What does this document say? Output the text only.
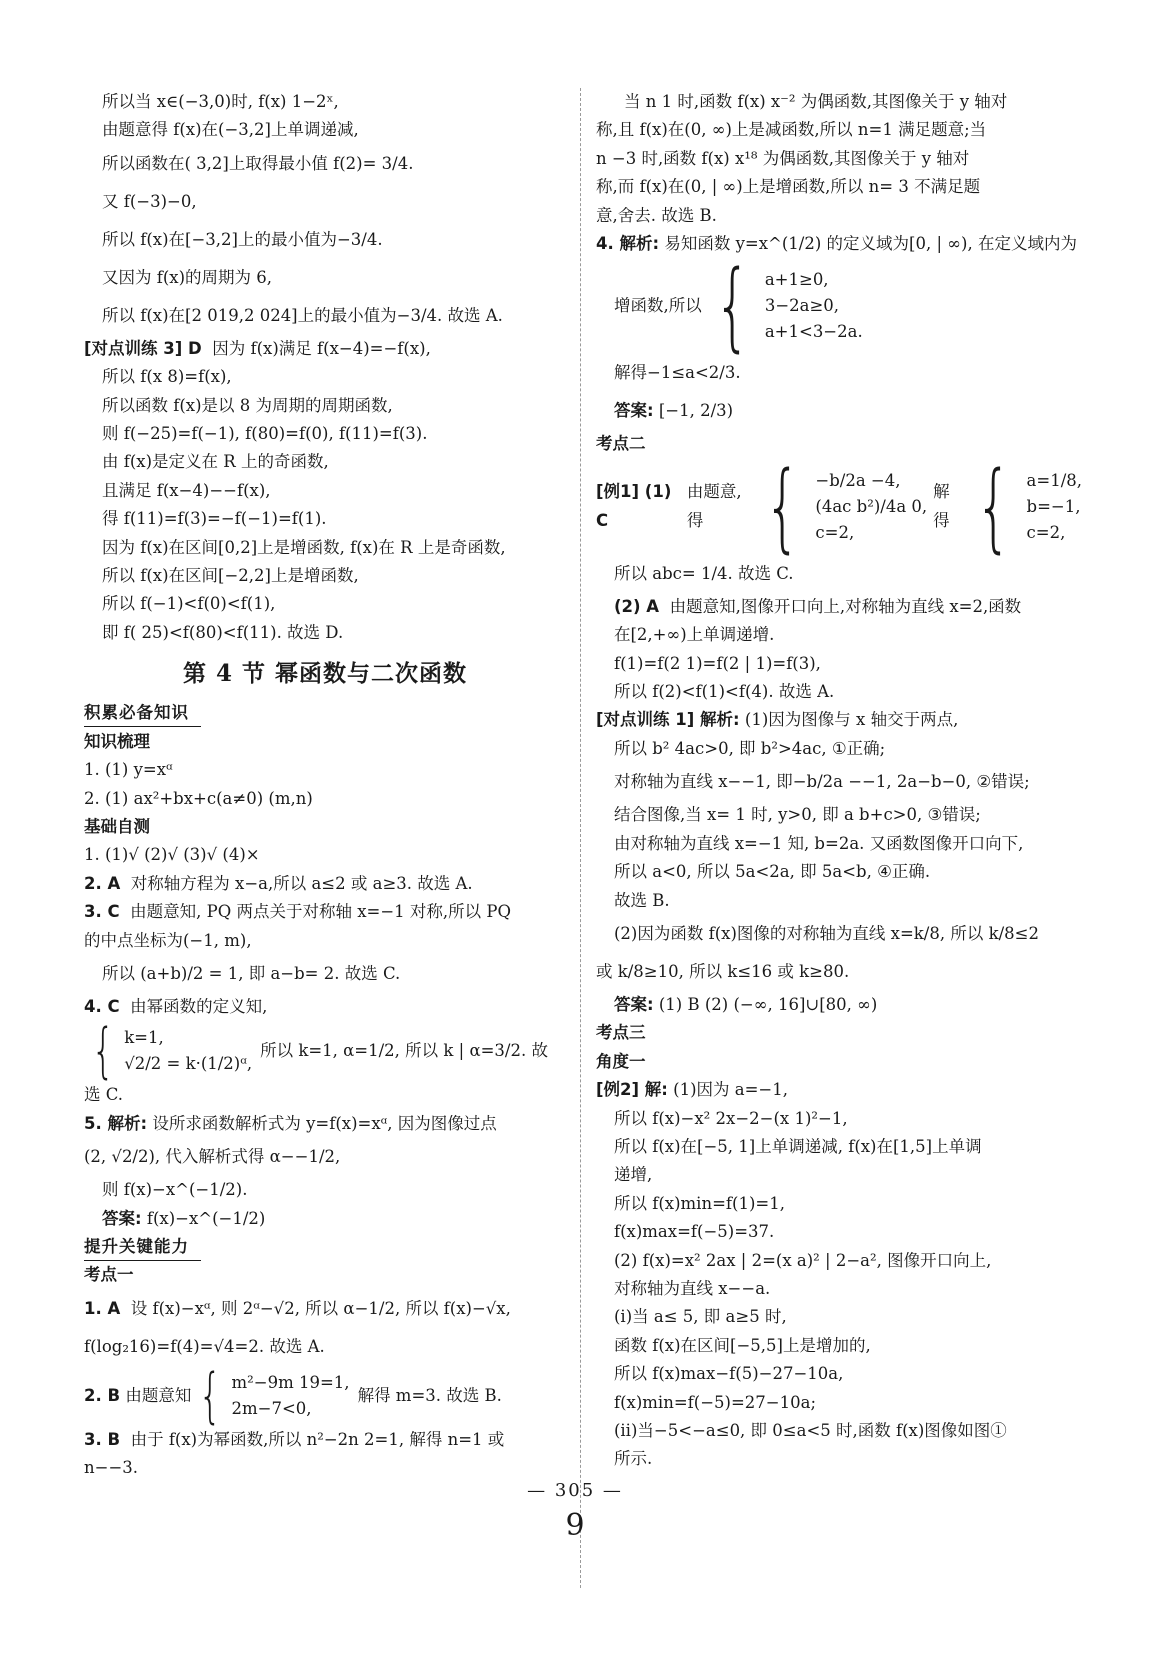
所以当 x∈(−3,0)时, f(x) 1−2ˣ,
由题意得 f(x)在(−3,2]上单调递减,
所以函数在( 3,2]上取得最小值 f(2)= 3/4.
又 f(−3)−0,
所以 f(x)在[−3,2]上的最小值为−3/4.
又因为 f(x)的周期为 6,
所以 f(x)在[2 019,2 024]上的最小值为−3/4. 故选 A.
[对点训练 3] D 因为 f(x)满足 f(x−4)=−f(x),
所以 f(x 8)=f(x),
所以函数 f(x)是以 8 为周期的周期函数,
则 f(−25)=f(−1), f(80)=f(0), f(11)=f(3).
由 f(x)是定义在 R 上的奇函数,
且满足 f(x−4)−−f(x),
得 f(11)=f(3)=−f(−1)=f(1).
因为 f(x)在区间[0,2]上是增函数, f(x)在 R 上是奇函数,
所以 f(x)在区间[−2,2]上是增函数,
所以 f(−1)<f(0)<f(1),
即 f( 25)<f(80)<f(11). 故选 D.
第 4 节 幂函数与二次函数
积累必备知识
知识梳理
1. (1) y=xᵅ
2. (1) ax²+bx+c(a≠0) (m,n)
基础自测
1. (1)√ (2)√ (3)√ (4)×
2. A 对称轴方程为 x−a,所以 a≤2 或 a≥3. 故选 A.
3. C 由题意知, PQ 两点关于对称轴 x=−1 对称,所以 PQ
的中点坐标为(−1, m),
所以 (a+b)/2 = 1, 即 a−b= 2. 故选 C.
4. C 由幂函数的定义知,
{ k=1,
√2/2 = k·(1/2)ᵅ,
所以 k=1, α=1/2, 所以 k | α=3/2. 故
选 C.
5. 解析: 设所求函数解析式为 y=f(x)=xᵅ, 因为图像过点
(2, √2/2), 代入解析式得 α−−1/2,
则 f(x)−x^(−1/2).
答案: f(x)−x^(−1/2)
提升关键能力
考点一
1. A 设 f(x)−xᵅ, 则 2ᵅ−√2, 所以 α−1/2, 所以 f(x)−√x,
f(log₂16)=f(4)=√4=2. 故选 A.
2. B
由题意知 { m²−9m 19=1,
2m−7<0,
解得 m=3. 故选 B.
3. B 由于 f(x)为幂函数,所以 n²−2n 2=1, 解得 n=1 或
n−−3.
当 n 1 时,函数 f(x) x⁻² 为偶函数,其图像关于 y 轴对
称,且 f(x)在(0, ∞)上是减函数,所以 n=1 满足题意;当
n −3 时,函数 f(x) x¹⁸ 为偶函数,其图像关于 y 轴对
称,而 f(x)在(0, | ∞)上是增函数,所以 n= 3 不满足题
意,舍去. 故选 B.
4. 解析: 易知函数 y=x^(1/2) 的定义域为[0, | ∞), 在定义域内为
增函数,所以 { a+1≥0,
3−2a≥0,
a+1<3−2a.
解得−1≤a<2/3.
答案: [−1, 2/3)
考点二
[例1] (1) C

由题意,得 { −b/2a −4,
(4ac b²)/4a 0,
c=2,
解得 { a=1/8,
b=−1,
c=2,
所以 abc= 1/4. 故选 C.
(2) A 由题意知,图像开口向上,对称轴为直线 x=2,函数
在[2,+∞)上单调递增.
f(1)=f(2 1)=f(2 | 1)=f(3),
所以 f(2)<f(1)<f(4). 故选 A.
[对点训练 1] 解析: (1)因为图像与 x 轴交于两点,
所以 b² 4ac>0, 即 b²>4ac, ①正确;
对称轴为直线 x−−1, 即−b/2a −−1, 2a−b−0, ②错误;
结合图像,当 x= 1 时, y>0, 即 a b+c>0, ③错误;
由对称轴为直线 x=−1 知, b=2a. 又函数图像开口向下,
所以 a<0, 所以 5a<2a, 即 5a<b, ④正确.
故选 B.
(2)因为函数 f(x)图像的对称轴为直线 x=k/8, 所以 k/8≤2
或 k/8≥10, 所以 k≤16 或 k≥80.
答案: (1) B (2) (−∞, 16]∪[80, ∞)
考点三
角度一
[例2] 解: (1)因为 a=−1,
所以 f(x)−x² 2x−2−(x 1)²−1,
所以 f(x)在[−5, 1]上单调递减, f(x)在[1,5]上单调
递增,
所以 f(x)min=f(1)=1,
f(x)max=f(−5)=37.
(2) f(x)=x² 2ax | 2=(x a)² | 2−a², 图像开口向上,
对称轴为直线 x−−a.
(ⅰ)当 a≤ 5, 即 a≥5 时,
函数 f(x)在区间[−5,5]上是增加的,
所以 f(x)max−f(5)−27−10a,
f(x)min=f(−5)=27−10a;
(ⅱ)当−5<−a≤0, 即 0≤a<5 时,函数 f(x)图像如图①
所示.
— 305 —
9
